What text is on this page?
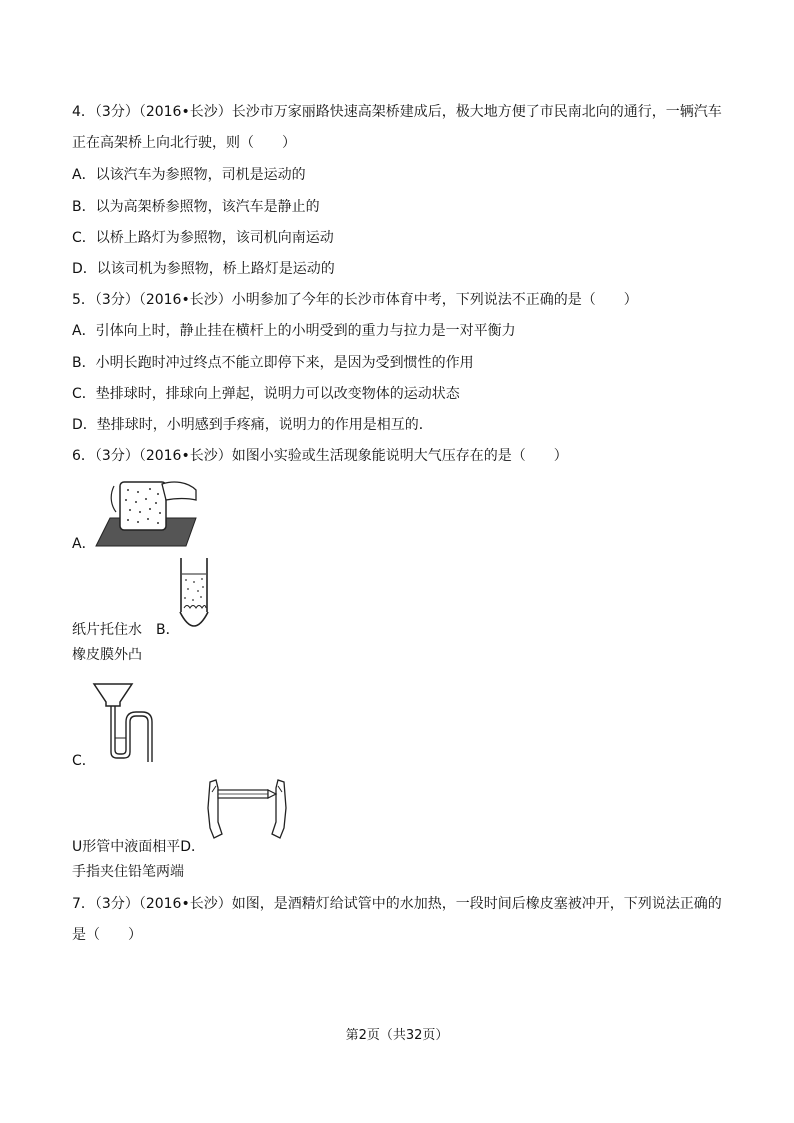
4．（3分）（2016•长沙）长沙市万家丽路快速高架桥建成后，极大地方便了市民南北向的通行，一辆汽车
正在高架桥上向北行驶，则（　　）
A．以该汽车为参照物，司机是运动的
B．以为高架桥参照物，该汽车是静止的
C．以桥上路灯为参照物，该司机向南运动
D．以该司机为参照物，桥上路灯是运动的
5．（3分）（2016•长沙）小明参加了今年的长沙市体育中考，下列说法不正确的是（　　）
A．引体向上时，静止挂在横杆上的小明受到的重力与拉力是一对平衡力
B．小明长跑时冲过终点不能立即停下来，是因为受到惯性的作用
C．垫排球时，排球向上弹起，说明力可以改变物体的运动状态
D．垫排球时，小明感到手疼痛，说明力的作用是相互的．
6．（3分）（2016•长沙）如图小实验或生活现象能说明大气压存在的是（　　）
A．
纸片托住水　 B．
橡皮膜外凸
C．
U形管中液面相平D．
手指夹住铅笔两端
7．（3分）（2016•长沙）如图，是酒精灯给试管中的水加热，一段时间后橡皮塞被冲开，下列说法正确的
是（　　）
第2页（共32页）
